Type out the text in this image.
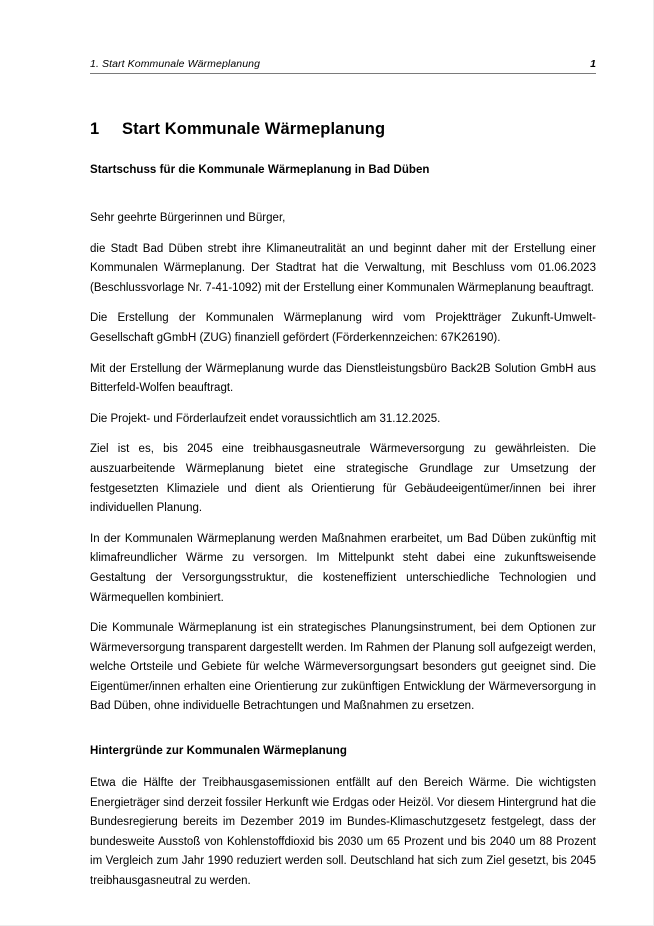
1. Start Kommunale Wärmeplanung	1
1	Start Kommunale Wärmeplanung
Startschuss für die Kommunale Wärmeplanung in Bad Düben

Sehr geehrte Bürgerinnen und Bürger,

die Stadt Bad Düben strebt ihre Klimaneutralität an und beginnt daher mit der Erstellung einer Kommunalen Wärmeplanung. Der Stadtrat hat die Verwaltung, mit Beschluss vom 01.06.2023 (Beschlussvorlage Nr. 7-41-1092) mit der Erstellung einer Kommunalen Wärmeplanung beauftragt.

Die Erstellung der Kommunalen Wärmeplanung wird vom Projektträger Zukunft-Umwelt-Gesellschaft gGmbH (ZUG) finanziell gefördert (Förderkennzeichen: 67K26190).

Mit der Erstellung der Wärmeplanung wurde das Dienstleistungsbüro Back2B Solution GmbH aus Bitterfeld-Wolfen beauftragt.

Die Projekt- und Förderlaufzeit endet voraussichtlich am 31.12.2025.

Ziel ist es, bis 2045 eine treibhausgasneutrale Wärmeversorgung zu gewährleisten. Die auszuarbeitende Wärmeplanung bietet eine strategische Grundlage zur Umsetzung der festgesetzten Klimaziele und dient als Orientierung für Gebäudeeigentümer/innen bei ihrer individuellen Planung.

In der Kommunalen Wärmeplanung werden Maßnahmen erarbeitet, um Bad Düben zukünftig mit klimafreundlicher Wärme zu versorgen. Im Mittelpunkt steht dabei eine zukunftsweisende Gestaltung der Versorgungsstruktur, die kosteneffizient unterschiedliche Technologien und Wärmequellen kombiniert.

Die Kommunale Wärmeplanung ist ein strategisches Planungsinstrument, bei dem Optionen zur Wärmeversorgung transparent dargestellt werden. Im Rahmen der Planung soll aufgezeigt werden, welche Ortsteile und Gebiete für welche Wärmeversorgungsart besonders gut geeignet sind. Die Eigentümer/innen erhalten eine Orientierung zur zukünftigen Entwicklung der Wärmeversorgung in Bad Düben, ohne individuelle Betrachtungen und Maßnahmen zu ersetzen.

Hintergründe zur Kommunalen Wärmeplanung

Etwa die Hälfte der Treibhausgasemissionen entfällt auf den Bereich Wärme. Die wichtigsten Energieträger sind derzeit fossiler Herkunft wie Erdgas oder Heizöl. Vor diesem Hintergrund hat die Bundesregierung bereits im Dezember 2019 im Bundes-Klimaschutzgesetz festgelegt, dass der bundesweite Ausstoß von Kohlenstoffdioxid bis 2030 um 65 Prozent und bis 2040 um 88 Prozent im Vergleich zum Jahr 1990 reduziert werden soll. Deutschland hat sich zum Ziel gesetzt, bis 2045 treibhausgasneutral zu werden.
